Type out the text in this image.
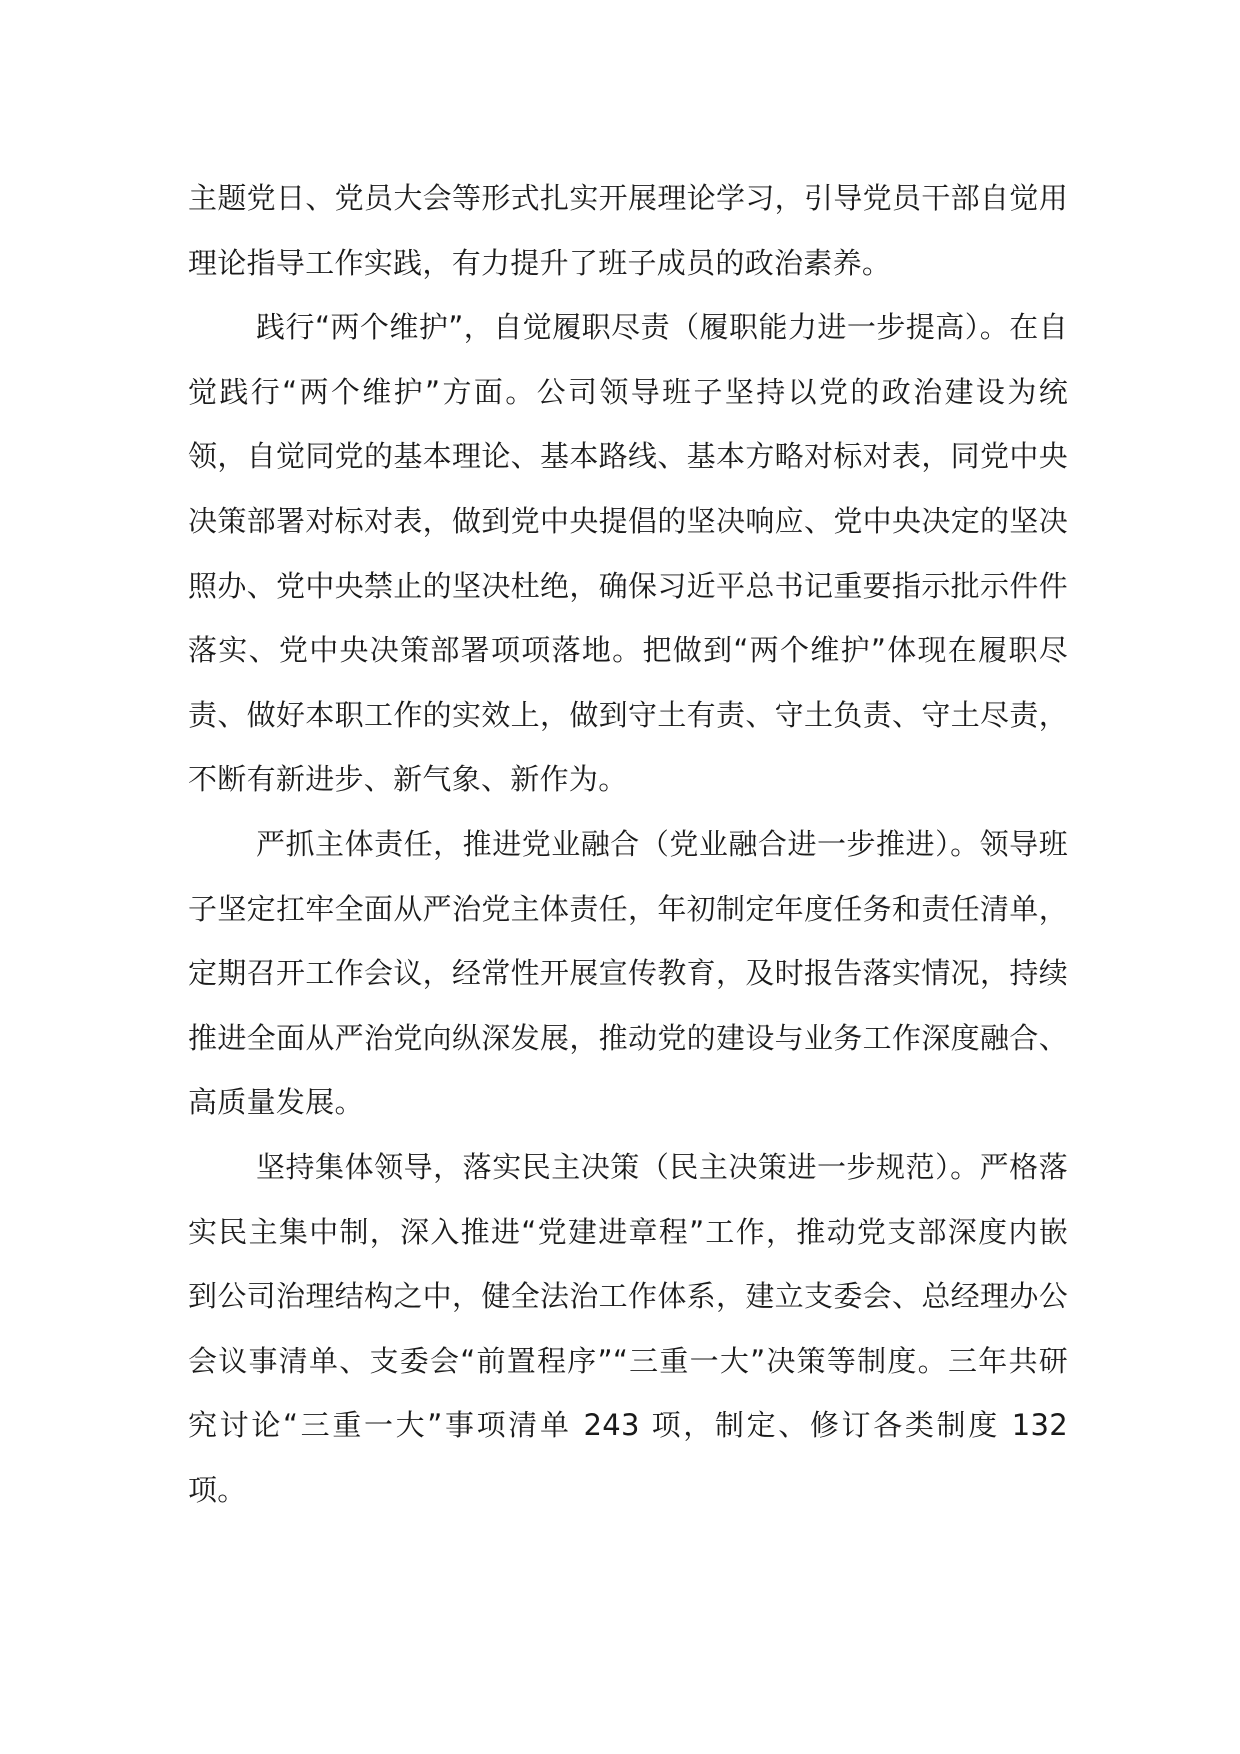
主题党日、党员大会等形式扎实开展理论学习，引导党员干部自觉用理论指导工作实践，有力提升了班子成员的政治素养。

践行“两个维护”，自觉履职尽责（履职能力进一步提高）。在自觉践行“两个维护”方面。公司领导班子坚持以党的政治建设为统领，自觉同党的基本理论、基本路线、基本方略对标对表，同党中央决策部署对标对表，做到党中央提倡的坚决响应、党中央决定的坚决照办、党中央禁止的坚决杜绝，确保习近平总书记重要指示批示件件落实、党中央决策部署项项落地。把做到“两个维护”体现在履职尽责、做好本职工作的实效上，做到守土有责、守土负责、守土尽责，不断有新进步、新气象、新作为。

严抓主体责任，推进党业融合（党业融合进一步推进）。领导班子坚定扛牢全面从严治党主体责任，年初制定年度任务和责任清单，定期召开工作会议，经常性开展宣传教育，及时报告落实情况，持续推进全面从严治党向纵深发展，推动党的建设与业务工作深度融合、高质量发展。

坚持集体领导，落实民主决策（民主决策进一步规范）。严格落实民主集中制，深入推进“党建进章程”工作，推动党支部深度内嵌到公司治理结构之中，健全法治工作体系，建立支委会、总经理办公会议事清单、支委会“前置程序”“三重一大”决策等制度。三年共研究讨论“三重一大”事项清单 243 项，制定、修订各类制度 132 项。
